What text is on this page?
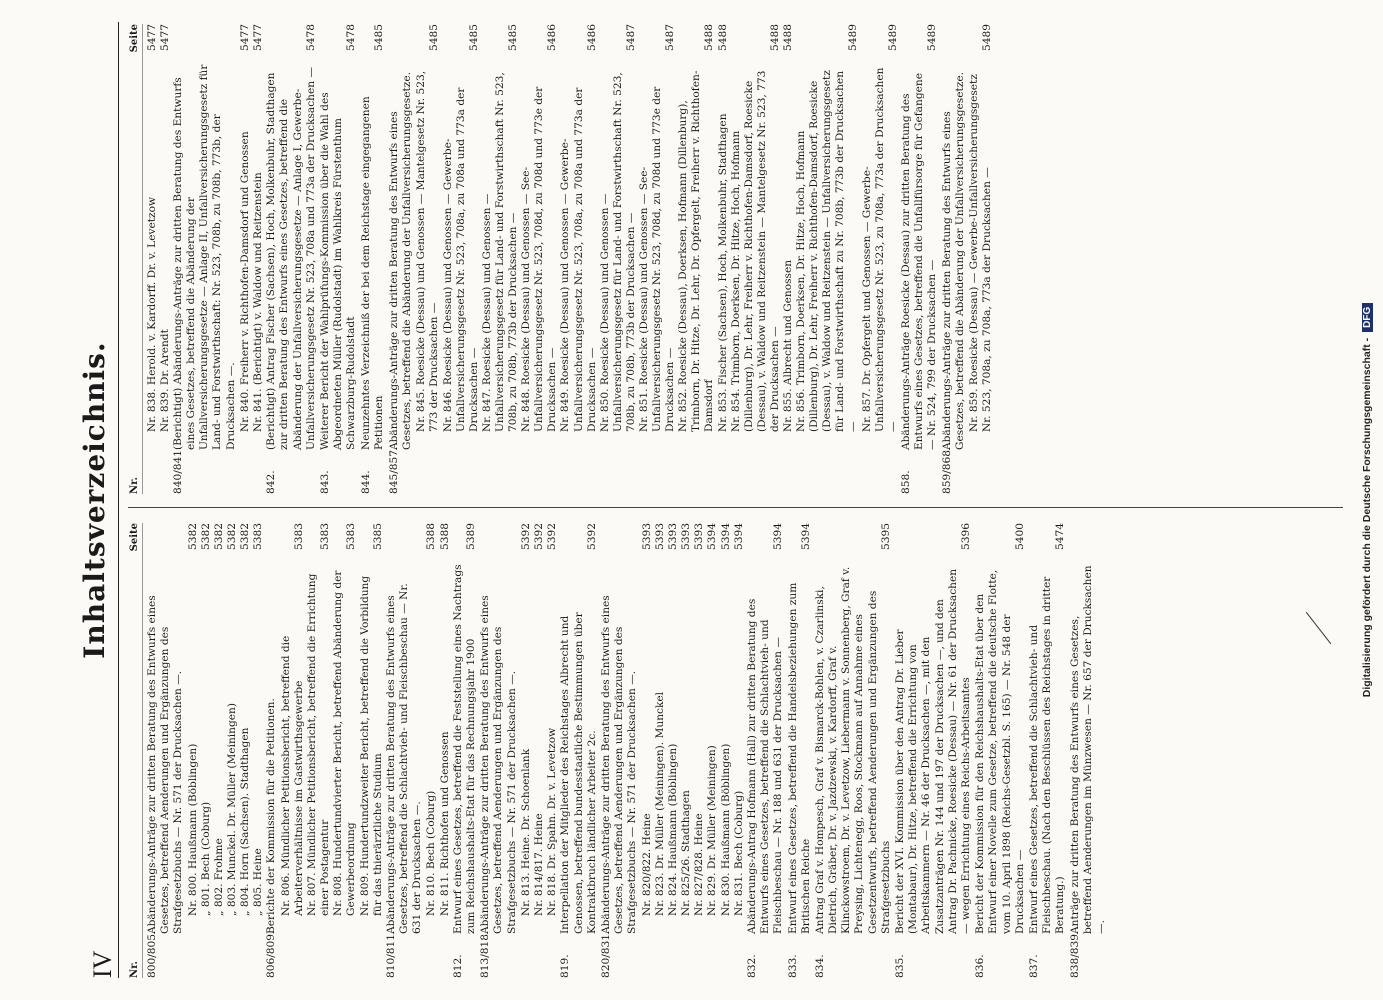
IV
Inhaltsverzeichnis.
Nr.
Seite
800/805.
Abänderungs-Anträge zur dritten Beratung des Entwurfs eines Gesetzes, betreffend Aenderungen und Ergänzungen des Strafgesetzbuchs — Nr. 571 der Drucksachen —. Nr. 800. Haußmann (Böblingen)
5382
„ 801. Bech (Coburg)
5382
„ 802. Frohme
5382
„ 803. Munckel. Dr. Müller (Meiningen)
5382
„ 804. Horn (Sachsen). Stadthagen
5382
„ 805. Heine
5383
806/809.
Berichte der Kommission für die Petitionen. Nr. 806. Mündlicher Petitionsbericht, betreffend die Arbeiterverhältnisse im Gastwirthsgewerbe
5383
Nr. 807. Mündlicher Petitionsbericht, betreffend die Errichtung einer Postagentur
5383
Nr. 808. Hundertundvierter Bericht, betreffend Abänderung der Gewerbeordnung
5383
Nr. 809. Hundertundzweiter Bericht, betreffend die Vorbildung für das thierärztliche Studium
5385
810/811.
Abänderungs-Anträge zur dritten Beratung des Entwurfs eines Gesetzes, betreffend die Schlachtvieh- und Fleischbeschau — Nr. 631 der Drucksachen —. Nr. 810. Bech (Coburg)
5388
Nr. 811. Richthofen und Genossen
5388
812.
Entwurf eines Gesetzes, betreffend die Feststellung eines Nachtrags zum Reichshaushalts-Etat für das Rechnungsjahr 1900
5389
813/818.
Abänderungs-Anträge zur dritten Beratung des Entwurfs eines Gesetzes, betreffend Aenderungen und Ergänzungen des Strafgesetzbuchs — Nr. 571 der Drucksachen —. Nr. 813. Heine. Dr. Schoenlank
5392
Nr. 814/817. Heine
5392
Nr. 818. Dr. Spahn. Dr. v. Levetzow
5392
819.
Interpellation der Mitglieder des Reichstages Albrecht und Genossen, betreffend bundesstaatliche Bestimmungen über Kontraktbruch ländlicher Arbeiter 2c.
5392
820/831.
Abänderungs-Anträge zur dritten Beratung des Entwurfs eines Gesetzes, betreffend Aenderungen und Ergänzungen des Strafgesetzbuchs — Nr. 571 der Drucksachen —. Nr. 820/822. Heine
5393
Nr. 823. Dr. Müller (Meiningen). Munckel
5393
Nr. 824. Haußmann (Böblingen)
5393
Nr. 825/26. Stadthagen
5393
Nr. 827/828. Heine
5393
Nr. 829. Dr. Müller (Meiningen)
5394
Nr. 830. Haußmann (Böblingen)
5394
Nr. 831. Bech (Coburg)
5394
832.
Abänderungs-Antrag Hofmann (Hall) zur dritten Beratung des Entwurfs eines Gesetzes, betreffend die Schlachtvieh- und Fleischbeschau — Nr. 188 und 631 der Drucksachen —
5394
833.
Entwurf eines Gesetzes, betreffend die Handelsbeziehungen zum Britischen Reiche
5394
834.
Antrag Graf v. Hompesch, Graf v. Bismarck-Bohlen, v. Czarlinski, Dietrich, Gräber, Dr. v. Jazdzewski, v. Kardorff, Graf v. Klinckowstroem, Dr. v. Levetzow, Liebermann v. Sonnenberg, Graf v. Preysing, Lichtenegg, Roos, Stockmann auf Annahme eines Gesetzentwurfs, betreffend Aenderungen und Ergänzungen des Strafgesetzbuchs
5395
835.
Bericht der XVI. Kommission über den Antrag Dr. Lieber (Montabaur), Dr. Hitze, betreffend die Errichtung von Arbeitskammern — Nr. 46 der Drucksachen —, mit den Zusatzanträgen Nr. 144 und 197 der Drucksachen —, und den Antrag Dr. Pachnicke, Roesicke (Dessau) — Nr. 61 der Drucksachen — wegen Errichtung eines Reichs-Arbeitsamtes
5396
836.
Bericht der Kommission für den Reichshaushalts-Etat über den Entwurf einer Novelle zum Gesetze, betreffend die deutsche Flotte, vom 10. April 1898 (Reichs-Gesetzbl. S. 165) — Nr. 548 der Drucksachen —
5400
837.
Entwurf eines Gesetzes, betreffend die Schlachtvieh- und Fleischbeschau. (Nach den Beschlüssen des Reichstages in dritter Beratung.)
5474
838/839.
Anträge zur dritten Beratung des Entwurfs eines Gesetzes, betreffend Aenderungen im Münzwesen — Nr. 657 der Drucksachen —.
Nr.
Seite
Nr. 838. Herold. v. Kardorff. Dr. v. Levetzow
5477
Nr. 839. Dr. Arendt
5477
840/841.
(Berichtigt) Abänderungs-Anträge zur dritten Beratung des Entwurfs eines Gesetzes, betreffend die Abänderung der Unfallversicherungsgesetze — Anlage II, Unfallversicherungsgesetz für Land- und Forstwirthschaft: Nr. 523, 708b, zu 708b, 773b, der Drucksachen —. Nr. 840. Freiherr v. Richthofen-Damsdorf und Genossen
5477
Nr. 841. (Berichtigt) v. Waldow und Reitzenstein
5477
842.
(Berichtigt) Antrag Fischer (Sachsen), Hoch, Molkenbuhr, Stadthagen zur dritten Beratung des Entwurfs eines Gesetzes, betreffend die Abänderung der Unfallversicherungsgesetze — Anlage I, Gewerbe-Unfallversicherungsgesetz Nr. 523, 708a und 773a der Drucksachen —
5478
843.
Weiterer Bericht der Wahlprüfungs-Kommission über die Wahl des Abgeordneten Müller (Rudolstadt) im Wahlkreis Fürstenthum Schwarzburg-Rudolstadt
5478
844.
Neunzehntes Verzeichniß der bei dem Reichstage eingegangenen Petitionen
5485
845/857.
Abänderungs-Anträge zur dritten Beratung des Entwurfs eines Gesetzes, betreffend die Abänderung der Unfallversicherungsgesetze. Nr. 845. Roesicke (Dessau) und Genossen — Mantelgesetz Nr. 523, 773 der Drucksachen —
5485
Nr. 846. Roesicke (Dessau) und Genossen — Gewerbe-Unfallversicherungsgesetz Nr. 523, 708a, zu 708a und 773a der Drucksachen —
5485
Nr. 847. Roesicke (Dessau) und Genossen — Unfallversicherungsgesetz für Land- und Forstwirthschaft Nr. 523, 708b, zu 708b, 773b der Drucksachen —
5485
Nr. 848. Roesicke (Dessau) und Genossen — See-Unfallversicherungsgesetz Nr. 523, 708d, zu 708d und 773e der Drucksachen —
5486
Nr. 849. Roesicke (Dessau) und Genossen — Gewerbe-Unfallversicherungsgesetz Nr. 523, 708a, zu 708a und 773a der Drucksachen —
5486
Nr. 850. Roesicke (Dessau) und Genossen — Unfallversicherungsgesetz für Land- und Forstwirthschaft Nr. 523, 708b, zu 708b, 773b der Drucksachen —
5487
Nr. 851. Roesicke (Dessau) und Genossen — See-Unfallversicherungsgesetz Nr. 523, 708d, zu 708d und 773e der Drucksachen —
5487
Nr. 852. Roesicke (Dessau), Doerksen, Hofmann (Dillenburg), Trimborn, Dr. Hitze, Dr. Lehr, Dr. Opfergelt, Freiherr v. Richthofen-Damsdorf
5488
Nr. 853. Fischer (Sachsen), Hoch, Molkenbuhr, Stadthagen
5488
Nr. 854. Trimborn, Doerksen, Dr. Hitze, Hoch, Hofmann (Dillenburg), Dr. Lehr, Freiherr v. Richthofen-Damsdorf, Roesicke (Dessau), v. Waldow und Reitzenstein — Mantelgesetz Nr. 523, 773 der Drucksachen —
5488
Nr. 855. Albrecht und Genossen
5488
Nr. 856. Trimborn, Doerksen, Dr. Hitze, Hoch, Hofmann (Dillenburg), Dr. Lehr, Freiherr v. Richthofen-Damsdorf, Roesicke (Dessau), v. Waldow und Reitzenstein — Unfallversicherungsgesetz für Land- und Forstwirthschaft zu Nr. 708b, 773b der Drucksachen —
5489
Nr. 857. Dr. Opfergelt und Genossen — Gewerbe-Unfallversicherungsgesetz Nr. 523, zu 708a, 773a der Drucksachen —
5489
858.
Abänderungs-Anträge Roesicke (Dessau) zur dritten Beratung des Entwurfs eines Gesetzes, betreffend die Unfallfürsorge für Gefangene — Nr. 524, 799 der Drucksachen —
5489
859/868.
Abänderungs-Anträge zur dritten Beratung des Entwurfs eines Gesetzes, betreffend die Abänderung der Unfallversicherungsgesetze. Nr. 859. Roesicke (Dessau) — Gewerbe-Unfallversicherungsgesetz Nr. 523, 708a, zu 708a, 773a der Drucksachen —
5489
Digitalisierung gefördert durch die Deutsche Forschungsgemeinschaft -DFG
